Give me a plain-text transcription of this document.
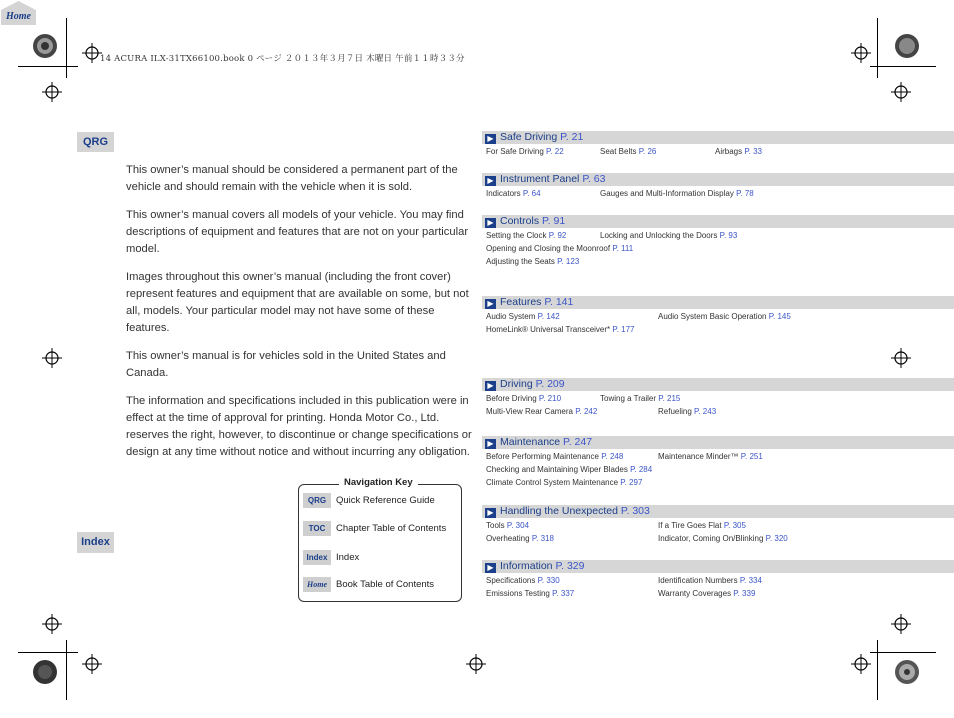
14 ACURA ILX-31TX66100.book 0 ページ ２０１３年３月７日 木曜日 午前１１時３３分
QRG
Index
Home

This owner’s manual should be considered a permanent part of the vehicle and should remain with the vehicle when it is sold.

This owner’s manual covers all models of your vehicle. You may find descriptions of equipment and features that are not on your particular model.

Images throughout this owner’s manual (including the front cover) represent features and equipment that are available on some, but not all, models. Your particular model may not have some of these features.

This owner’s manual is for vehicles sold in the United States and Canada.

The information and specifications included in this publication were in effect at the time of approval for printing. Honda Motor Co., Ltd. reserves the right, however, to discontinue or change specifications or design at any time without notice and without incurring any obligation.

Navigation Key
QRG Quick Reference Guide
TOC Chapter Table of Contents
Index Index
Home Book Table of Contents
▶ Safe Driving P. 21
For Safe Driving P. 22	Seat Belts P. 26	Airbags P. 33
▶ Instrument Panel P. 63
Indicators P. 64	Gauges and Multi-Information Display P. 78
▶ Controls P. 91
Setting the Clock P. 92	Locking and Unlocking the Doors P. 93
Opening and Closing the Moonroof P. 111
Adjusting the Seats P. 123
▶ Features P. 141
Audio System P. 142	Audio System Basic Operation P. 145
HomeLink® Universal Transceiver* P. 177
▶ Driving P. 209
Before Driving P. 210	Towing a Trailer P. 215
Multi-View Rear Camera P. 242	Refueling P. 243
▶ Maintenance P. 247
Before Performing Maintenance P. 248	Maintenance Minder™ P. 251
Checking and Maintaining Wiper Blades P. 284
Climate Control System Maintenance P. 297
▶ Handling the Unexpected P. 303
Tools P. 304	If a Tire Goes Flat P. 305
Overheating P. 318	Indicator, Coming On/Blinking P. 320
▶ Information P. 329
Specifications P. 330	Identification Numbers P. 334
Emissions Testing P. 337	Warranty Coverages P. 339
